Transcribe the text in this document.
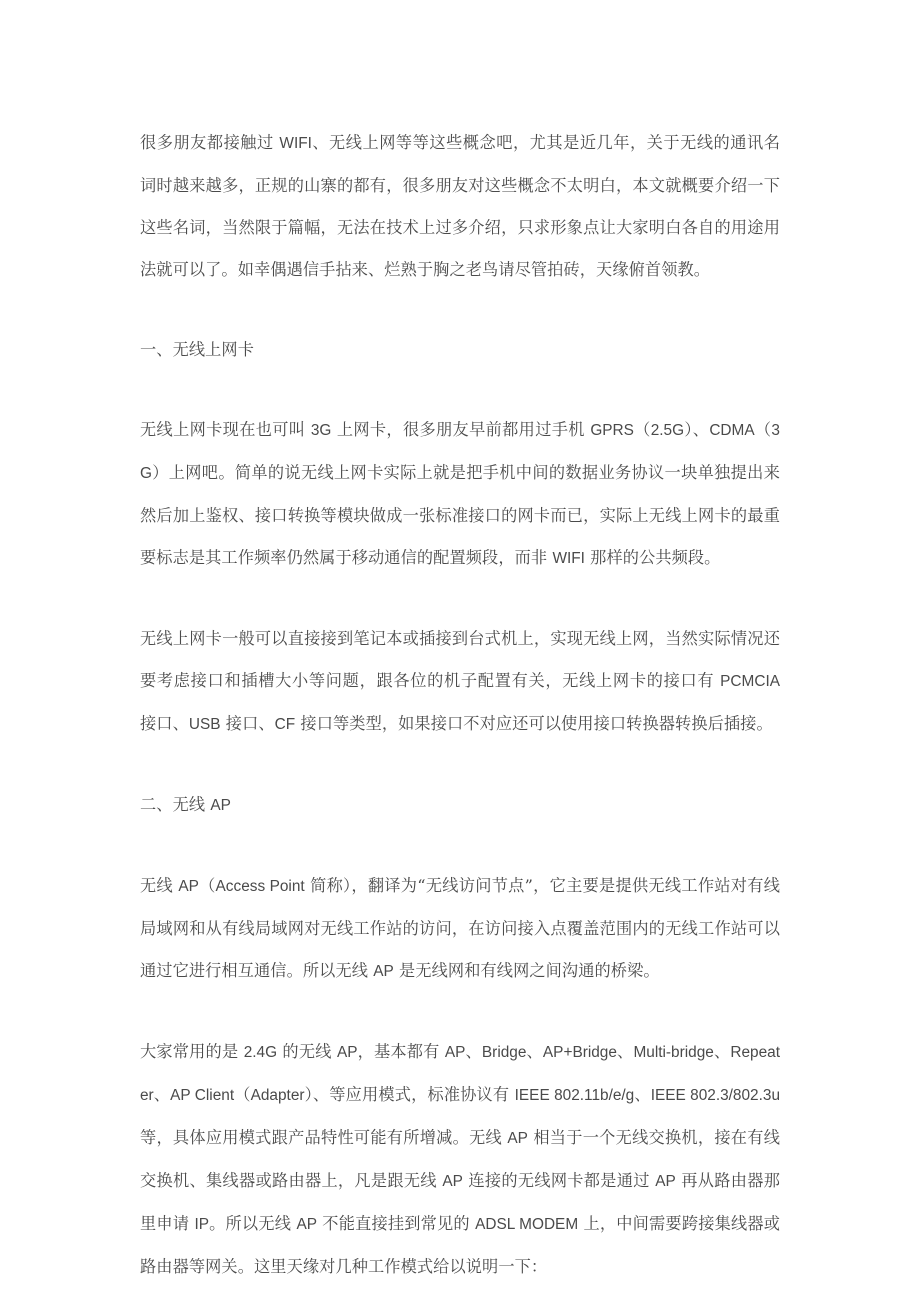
很多朋友都接触过 WIFI、无线上网等等这些概念吧，尤其是近几年，关于无线的通讯名词时越来越多，正规的山寨的都有，很多朋友对这些概念不太明白，本文就概要介绍一下这些名词，当然限于篇幅，无法在技术上过多介绍，只求形象点让大家明白各自的用途用法就可以了。如幸偶遇信手拈来、烂熟于胸之老鸟请尽管拍砖，天缘俯首领教。

一、无线上网卡

无线上网卡现在也可叫 3G 上网卡，很多朋友早前都用过手机 GPRS（2.5G）、CDMA（3G）上网吧。简单的说无线上网卡实际上就是把手机中间的数据业务协议一块单独提出来然后加上鉴权、接口转换等模块做成一张标准接口的网卡而已，实际上无线上网卡的最重要标志是其工作频率仍然属于移动通信的配置频段，而非 WIFI 那样的公共频段。

无线上网卡一般可以直接接到笔记本或插接到台式机上，实现无线上网，当然实际情况还要考虑接口和插槽大小等问题，跟各位的机子配置有关，无线上网卡的接口有 PCMCIA 接口、USB 接口、CF 接口等类型，如果接口不对应还可以使用接口转换器转换后插接。

二、无线 AP

无线 AP（Access Point 简称），翻译为“无线访问节点”，它主要是提供无线工作站对有线局域网和从有线局域网对无线工作站的访问，在访问接入点覆盖范围内的无线工作站可以通过它进行相互通信。所以无线 AP 是无线网和有线网之间沟通的桥梁。

大家常用的是 2.4G 的无线 AP，基本都有 AP、Bridge、AP+Bridge、Multi-bridge、Repeater、AP Client（Adapter）、等应用模式，标准协议有 IEEE 802.11b/e/g、IEEE 802.3/802.3u 等，具体应用模式跟产品特性可能有所增减。无线 AP 相当于一个无线交换机，接在有线交换机、集线器或路由器上，凡是跟无线 AP 连接的无线网卡都是通过 AP 再从路由器那里申请 IP。所以无线 AP 不能直接挂到常见的 ADSL MODEM 上，中间需要跨接集线器或路由器等网关。这里天缘对几种工作模式给以说明一下：
